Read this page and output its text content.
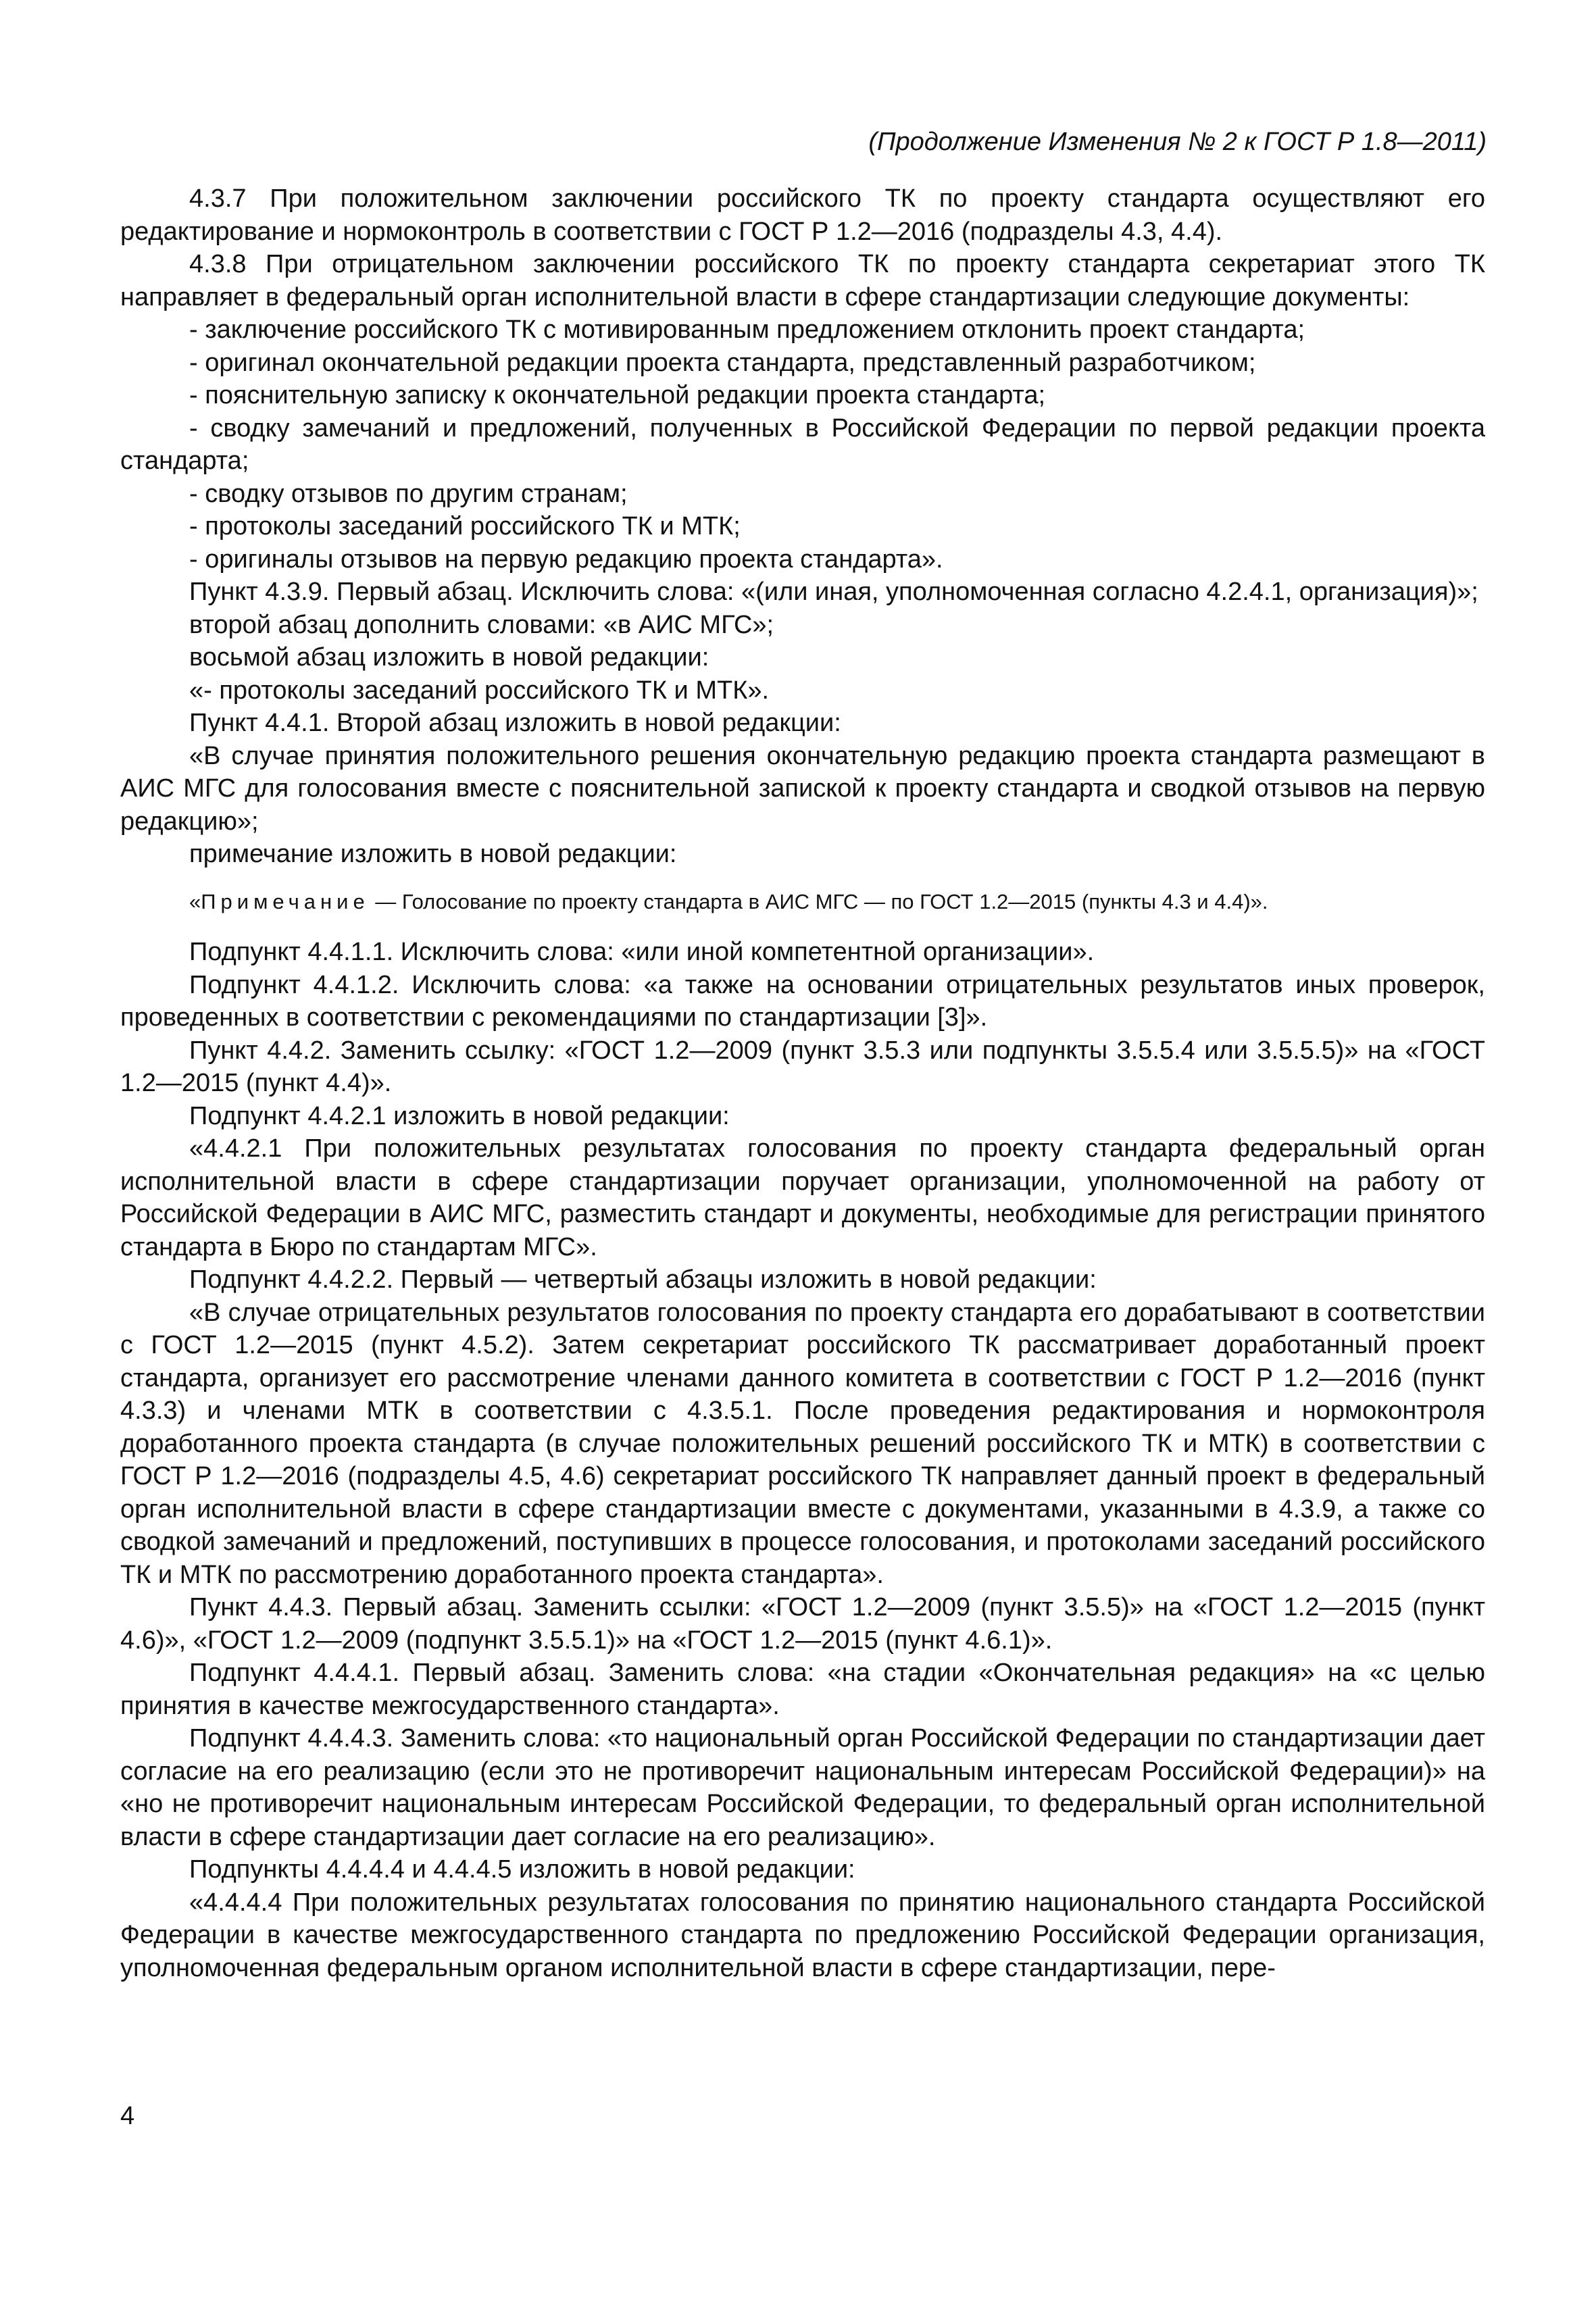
(Продолжение Изменения № 2 к ГОСТ Р 1.8—2011)

4.3.7 При положительном заключении российского ТК по проекту стандарта осуществляют его редактирование и нормоконтроль в соответствии с ГОСТ Р 1.2—2016 (подразделы 4.3, 4.4).

4.3.8 При отрицательном заключении российского ТК по проекту стандарта секретариат этого ТК направляет в федеральный орган исполнительной власти в сфере стандартизации следующие документы:

- заключение российского ТК с мотивированным предложением отклонить проект стандарта;

- оригинал окончательной редакции проекта стандарта, представленный разработчиком;

- пояснительную записку к окончательной редакции проекта стандарта;

- сводку замечаний и предложений, полученных в Российской Федерации по первой редакции проекта стандарта;

- сводку отзывов по другим странам;

- протоколы заседаний российского ТК и МТК;

- оригиналы отзывов на первую редакцию проекта стандарта».

Пункт 4.3.9. Первый абзац. Исключить слова: «(или иная, уполномоченная согласно 4.2.4.1, организация)»;

второй абзац дополнить словами: «в АИС МГС»;

восьмой абзац изложить в новой редакции:

«- протоколы заседаний российского ТК и МТК».

Пункт 4.4.1. Второй абзац изложить в новой редакции:

«В случае принятия положительного решения окончательную редакцию проекта стандарта размещают в АИС МГС для голосования вместе с пояснительной запиской к проекту стандарта и сводкой отзывов на первую редакцию»;

примечание изложить в новой редакции:

«Примечание — Голосование по проекту стандарта в АИС МГС — по ГОСТ 1.2—2015 (пункты 4.3 и 4.4)».

Подпункт 4.4.1.1. Исключить слова: «или иной компетентной организации».

Подпункт 4.4.1.2. Исключить слова: «а также на основании отрицательных результатов иных проверок, проведенных в соответствии с рекомендациями по стандартизации [3]».

Пункт 4.4.2. Заменить ссылку: «ГОСТ 1.2—2009 (пункт 3.5.3 или подпункты 3.5.5.4 или 3.5.5.5)» на «ГОСТ 1.2—2015 (пункт 4.4)».

Подпункт 4.4.2.1 изложить в новой редакции:

«4.4.2.1 При положительных результатах голосования по проекту стандарта федеральный орган исполнительной власти в сфере стандартизации поручает организации, уполномоченной на работу от Российской Федерации в АИС МГС, разместить стандарт и документы, необходимые для регистрации принятого стандарта в Бюро по стандартам МГС».

Подпункт 4.4.2.2. Первый — четвертый абзацы изложить в новой редакции:

«В случае отрицательных результатов голосования по проекту стандарта его дорабатывают в соответствии с ГОСТ 1.2—2015 (пункт 4.5.2). Затем секретариат российского ТК рассматривает доработанный проект стандарта, организует его рассмотрение членами данного комитета в соответствии с ГОСТ Р 1.2—2016 (пункт 4.3.3) и членами МТК в соответствии с 4.3.5.1. После проведения редактирования и нормоконтроля доработанного проекта стандарта (в случае положительных решений российского ТК и МТК) в соответствии с ГОСТ Р 1.2—2016 (подразделы 4.5, 4.6) секретариат российского ТК направляет данный проект в федеральный орган исполнительной власти в сфере стандартизации вместе с документами, указанными в 4.3.9, а также со сводкой замечаний и предложений, поступивших в процессе голосования, и протоколами заседаний российского ТК и МТК по рассмотрению доработанного проекта стандарта».

Пункт 4.4.3. Первый абзац. Заменить ссылки: «ГОСТ 1.2—2009 (пункт 3.5.5)» на «ГОСТ 1.2—2015 (пункт 4.6)», «ГОСТ 1.2—2009 (подпункт 3.5.5.1)» на «ГОСТ 1.2—2015 (пункт 4.6.1)».

Подпункт 4.4.4.1. Первый абзац. Заменить слова: «на стадии «Окончательная редакция» на «с целью принятия в качестве межгосударственного стандарта».

Подпункт 4.4.4.3. Заменить слова: «то национальный орган Российской Федерации по стандартизации дает согласие на его реализацию (если это не противоречит национальным интересам Российской Федерации)» на «но не противоречит национальным интересам Российской Федерации, то федеральный орган исполнительной власти в сфере стандартизации дает согласие на его реализацию».

Подпункты 4.4.4.4 и 4.4.4.5 изложить в новой редакции:

«4.4.4.4 При положительных результатах голосования по принятию национального стандарта Российской Федерации в качестве межгосударственного стандарта по предложению Российской Федерации организация, уполномоченная федеральным органом исполнительной власти в сфере стандартизации, пере-

4
